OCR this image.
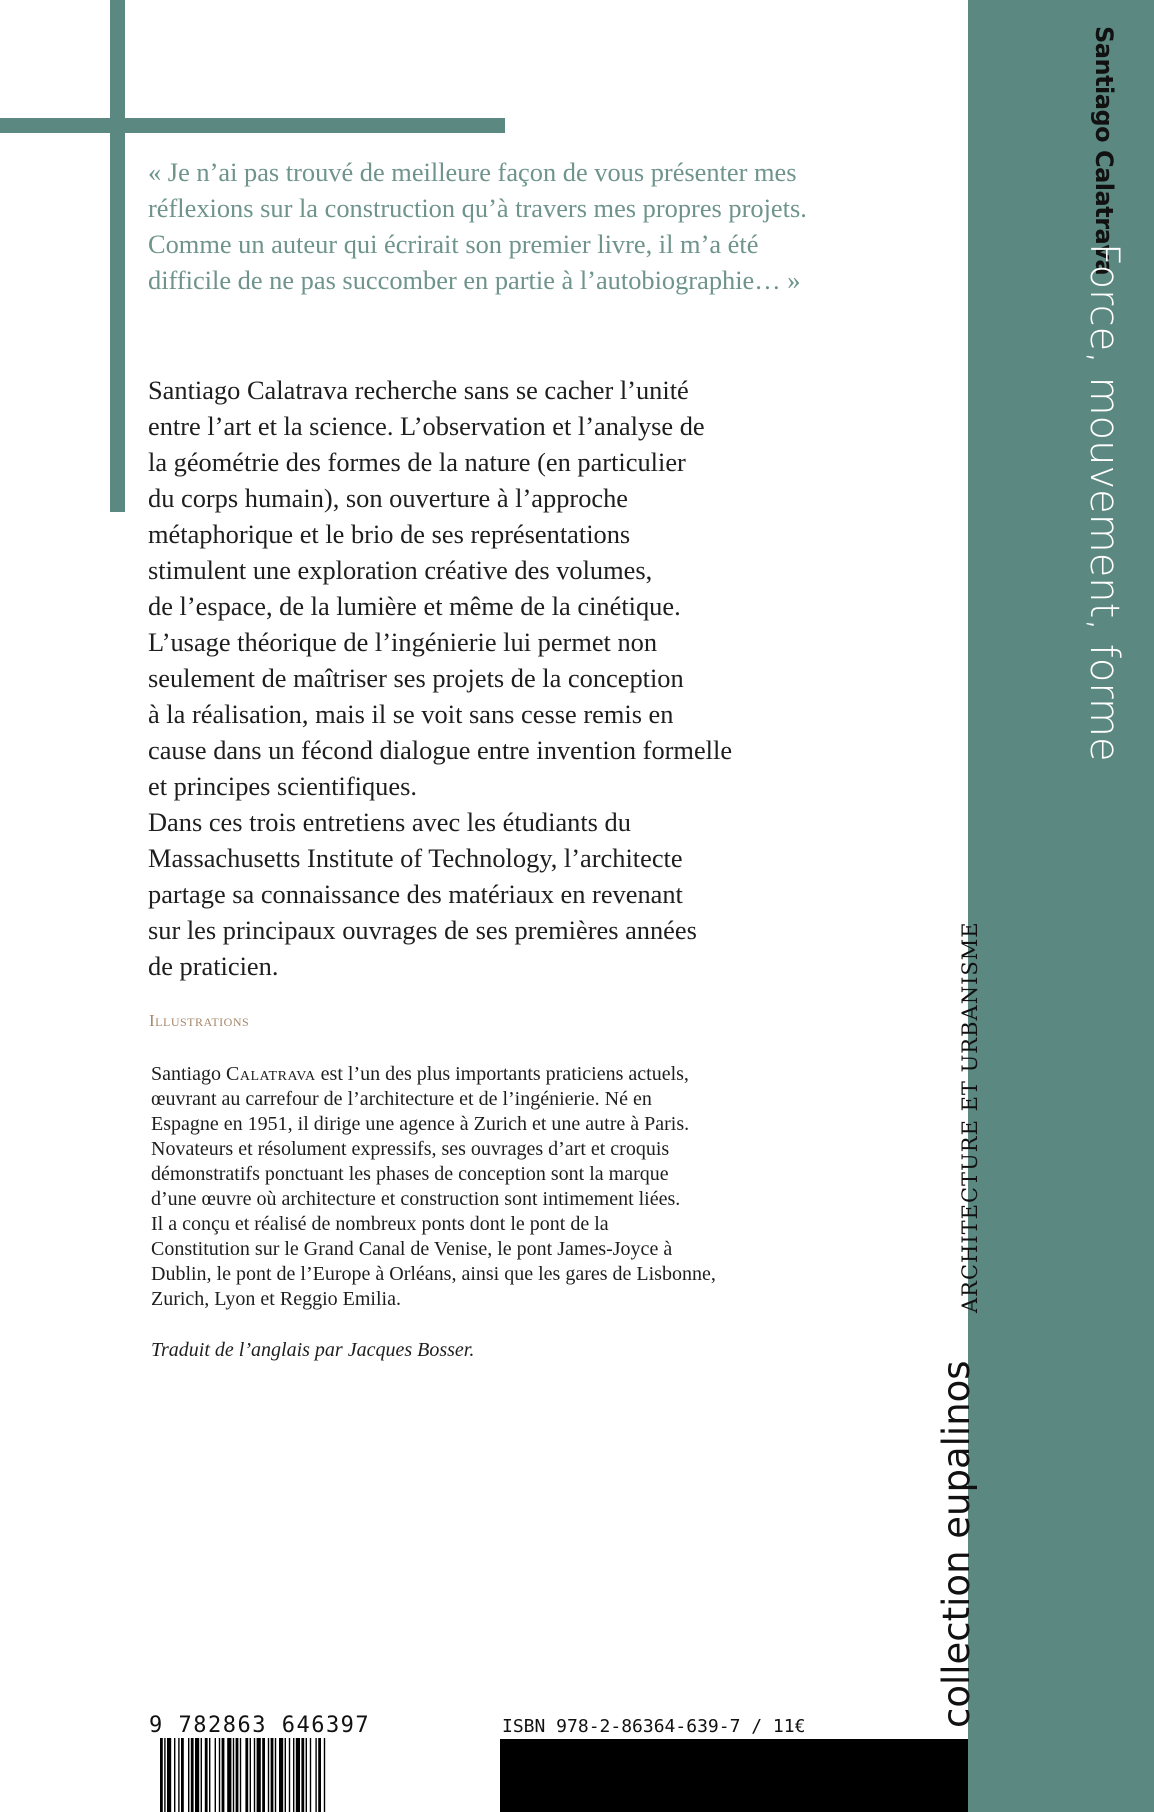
Santiago Calatrava
Force, mouvement, forme
collection eupalinos
ARCHITECTURE ET URBANISME
« Je n’ai pas trouvé de meilleure façon de vous présenter mes réflexions sur la construction qu’à travers mes propres projets. Comme un auteur qui écrirait son premier livre, il m’a été difficile de ne pas succomber en partie à l’autobiographie… »
Santiago Calatrava recherche sans se cacher l’unité
entre l’art et la science. L’observation et l’analyse de
la géométrie des formes de la nature (en particulier
du corps humain), son ouverture à l’approche
métaphorique et le brio de ses représentations
stimulent une exploration créative des volumes,
de l’espace, de la lumière et même de la cinétique.
L’usage théorique de l’ingénierie lui permet non
seulement de maîtriser ses projets de la conception
à la réalisation, mais il se voit sans cesse remis en
cause dans un fécond dialogue entre invention formelle
et principes scientifiques.
Dans ces trois entretiens avec les étudiants du
Massachusetts Institute of Technology, l’architecte
partage sa connaissance des matériaux en revenant
sur les principaux ouvrages de ses premières années
de praticien.
Illustrations
Santiago Calatrava est l’un des plus importants praticiens actuels,
œuvrant au carrefour de l’architecture et de l’ingénierie. Né en
Espagne en 1951, il dirige une agence à Zurich et une autre à Paris.
Novateurs et résolument expressifs, ses ouvrages d’art et croquis
démonstratifs ponctuant les phases de conception sont la marque
d’une œuvre où architecture et construction sont intimement liées.
Il a conçu et réalisé de nombreux ponts dont le pont de la
Constitution sur le Grand Canal de Venise, le pont James-Joyce à
Dublin, le pont de l’Europe à Orléans, ainsi que les gares de Lisbonne,
Zurich, Lyon et Reggio Emilia.
Traduit de l’anglais par Jacques Bosser.
9 782863 646397	ISBN 978-2-86364-639-7 / 11€
